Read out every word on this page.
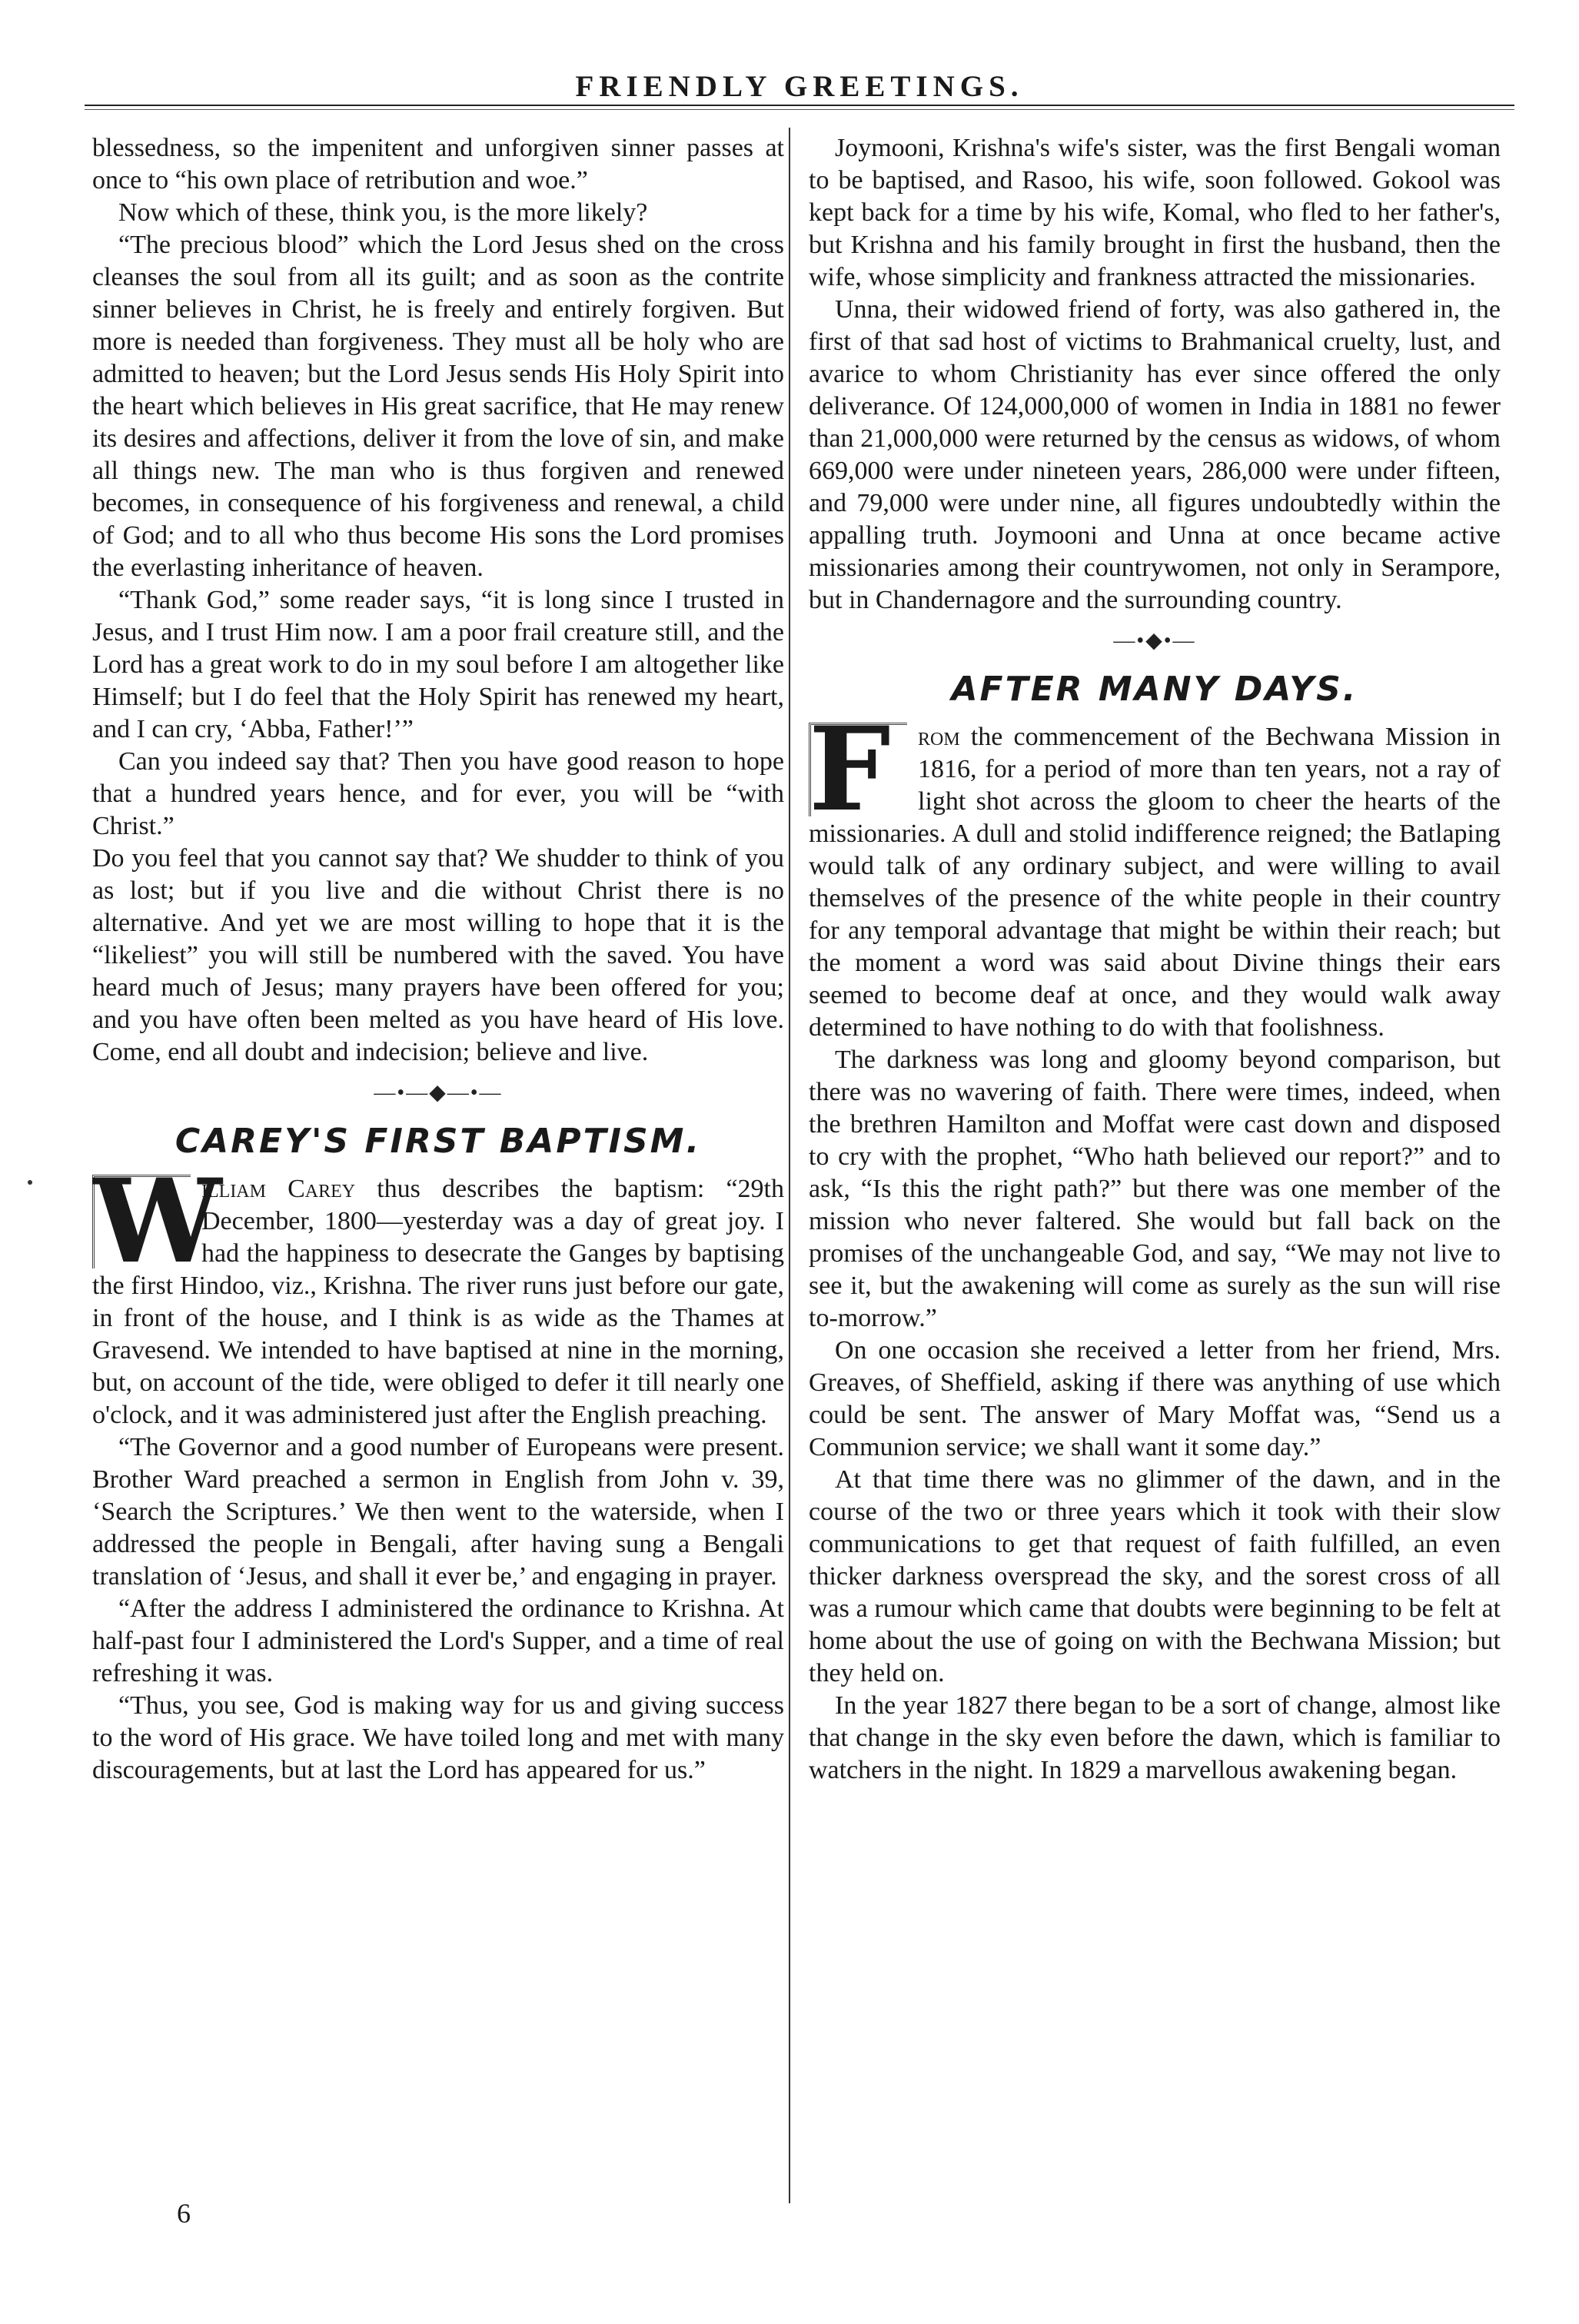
FRIENDLY GREETINGS.

blessedness, so the impenitent and unforgiven sinner passes at once to “his own place of retribution and woe.”

Now which of these, think you, is the more likely?

“The precious blood” which the Lord Jesus shed on the cross cleanses the soul from all its guilt; and as soon as the contrite sinner believes in Christ, he is freely and entirely forgiven. But more is needed than forgiveness. They must all be holy who are admitted to heaven; but the Lord Jesus sends His Holy Spirit into the heart which believes in His great sacrifice, that He may renew its desires and affections, deliver it from the love of sin, and make all things new. The man who is thus forgiven and renewed becomes, in consequence of his forgiveness and renewal, a child of God; and to all who thus become His sons the Lord promises the everlasting inheritance of heaven.

“Thank God,” some reader says, “it is long since I trusted in Jesus, and I trust Him now. I am a poor frail creature still, and the Lord has a great work to do in my soul before I am altogether like Himself; but I do feel that the Holy Spirit has renewed my heart, and I can cry, ‘Abba, Father!’”

Can you indeed say that? Then you have good reason to hope that a hundred years hence, and for ever, you will be “with Christ.”

Do you feel that you cannot say that? We shudder to think of you as lost; but if you live and die without Christ there is no alternative. And yet we are most willing to hope that it is the “likeliest” you will still be numbered with the saved. You have heard much of Jesus; many prayers have been offered for you; and you have often been melted as you have heard of His love. Come, end all doubt and indecision; believe and live.

—•—◆—•—
CAREY'S FIRST BAPTISM.
W

illiam Carey thus describes the baptism: “29th December, 1800—yesterday was a day of great joy. I had the happiness to desecrate the Ganges by baptising the first Hindoo, viz., Krishna. The river runs just before our gate, in front of the house, and I think is as wide as the Thames at Gravesend. We intended to have baptised at nine in the morning, but, on account of the tide, were obliged to defer it till nearly one o'clock, and it was administered just after the English preaching.

“The Governor and a good number of Europeans were present. Brother Ward preached a sermon in English from John v. 39, ‘Search the Scriptures.’ We then went to the waterside, when I addressed the people in Bengali, after having sung a Bengali translation of ‘Jesus, and shall it ever be,’ and engaging in prayer.

“After the address I administered the ordinance to Krishna. At half-past four I administered the Lord's Supper, and a time of real refreshing it was.

“Thus, you see, God is making way for us and giving success to the word of His grace. We have toiled long and met with many discouragements, but at last the Lord has appeared for us.”

Joymooni, Krishna's wife's sister, was the first Bengali woman to be baptised, and Rasoo, his wife, soon followed. Gokool was kept back for a time by his wife, Komal, who fled to her father's, but Krishna and his family brought in first the husband, then the wife, whose simplicity and frankness attracted the missionaries.

Unna, their widowed friend of forty, was also gathered in, the first of that sad host of victims to Brahmanical cruelty, lust, and avarice to whom Christianity has ever since offered the only deliverance. Of 124,000,000 of women in India in 1881 no fewer than 21,000,000 were returned by the census as widows, of whom 669,000 were under nineteen years, 286,000 were under fifteen, and 79,000 were under nine, all figures undoubtedly within the appalling truth. Joymooni and Unna at once became active missionaries among their countrywomen, not only in Serampore, but in Chandernagore and the surrounding country.

—•◆•—
AFTER MANY DAYS.
F	rom the commencement of the Bechwana Mission in 1816, for a period of more than ten years, not a ray of light shot across the gloom to cheer the hearts of the missionaries. A dull and stolid indifference reigned; the Batlaping would talk of any ordinary subject, and were willing to avail themselves of the presence of the white people in their country for any temporal advantage that might be within their reach; but the moment a word was said about Divine things their ears seemed to become deaf at once, and they would walk away determined to have nothing to do with that foolishness.

The darkness was long and gloomy beyond comparison, but there was no wavering of faith. There were times, indeed, when the brethren Hamilton and Moffat were cast down and disposed to cry with the prophet, “Who hath believed our report?” and to ask, “Is this the right path?” but there was one member of the mission who never faltered. She would but fall back on the promises of the unchangeable God, and say, “We may not live to see it, but the awakening will come as surely as the sun will rise to-morrow.”

On one occasion she received a letter from her friend, Mrs. Greaves, of Sheffield, asking if there was anything of use which could be sent. The answer of Mary Moffat was, “Send us a Communion service; we shall want it some day.”

At that time there was no glimmer of the dawn, and in the course of the two or three years which it took with their slow communications to get that request of faith fulfilled, an even thicker darkness overspread the sky, and the sorest cross of all was a rumour which came that doubts were beginning to be felt at home about the use of going on with the Bechwana Mission; but they held on.

In the year 1827 there began to be a sort of change, almost like that change in the sky even before the dawn, which is familiar to watchers in the night. In 1829 a marvellous awakening began.

6
